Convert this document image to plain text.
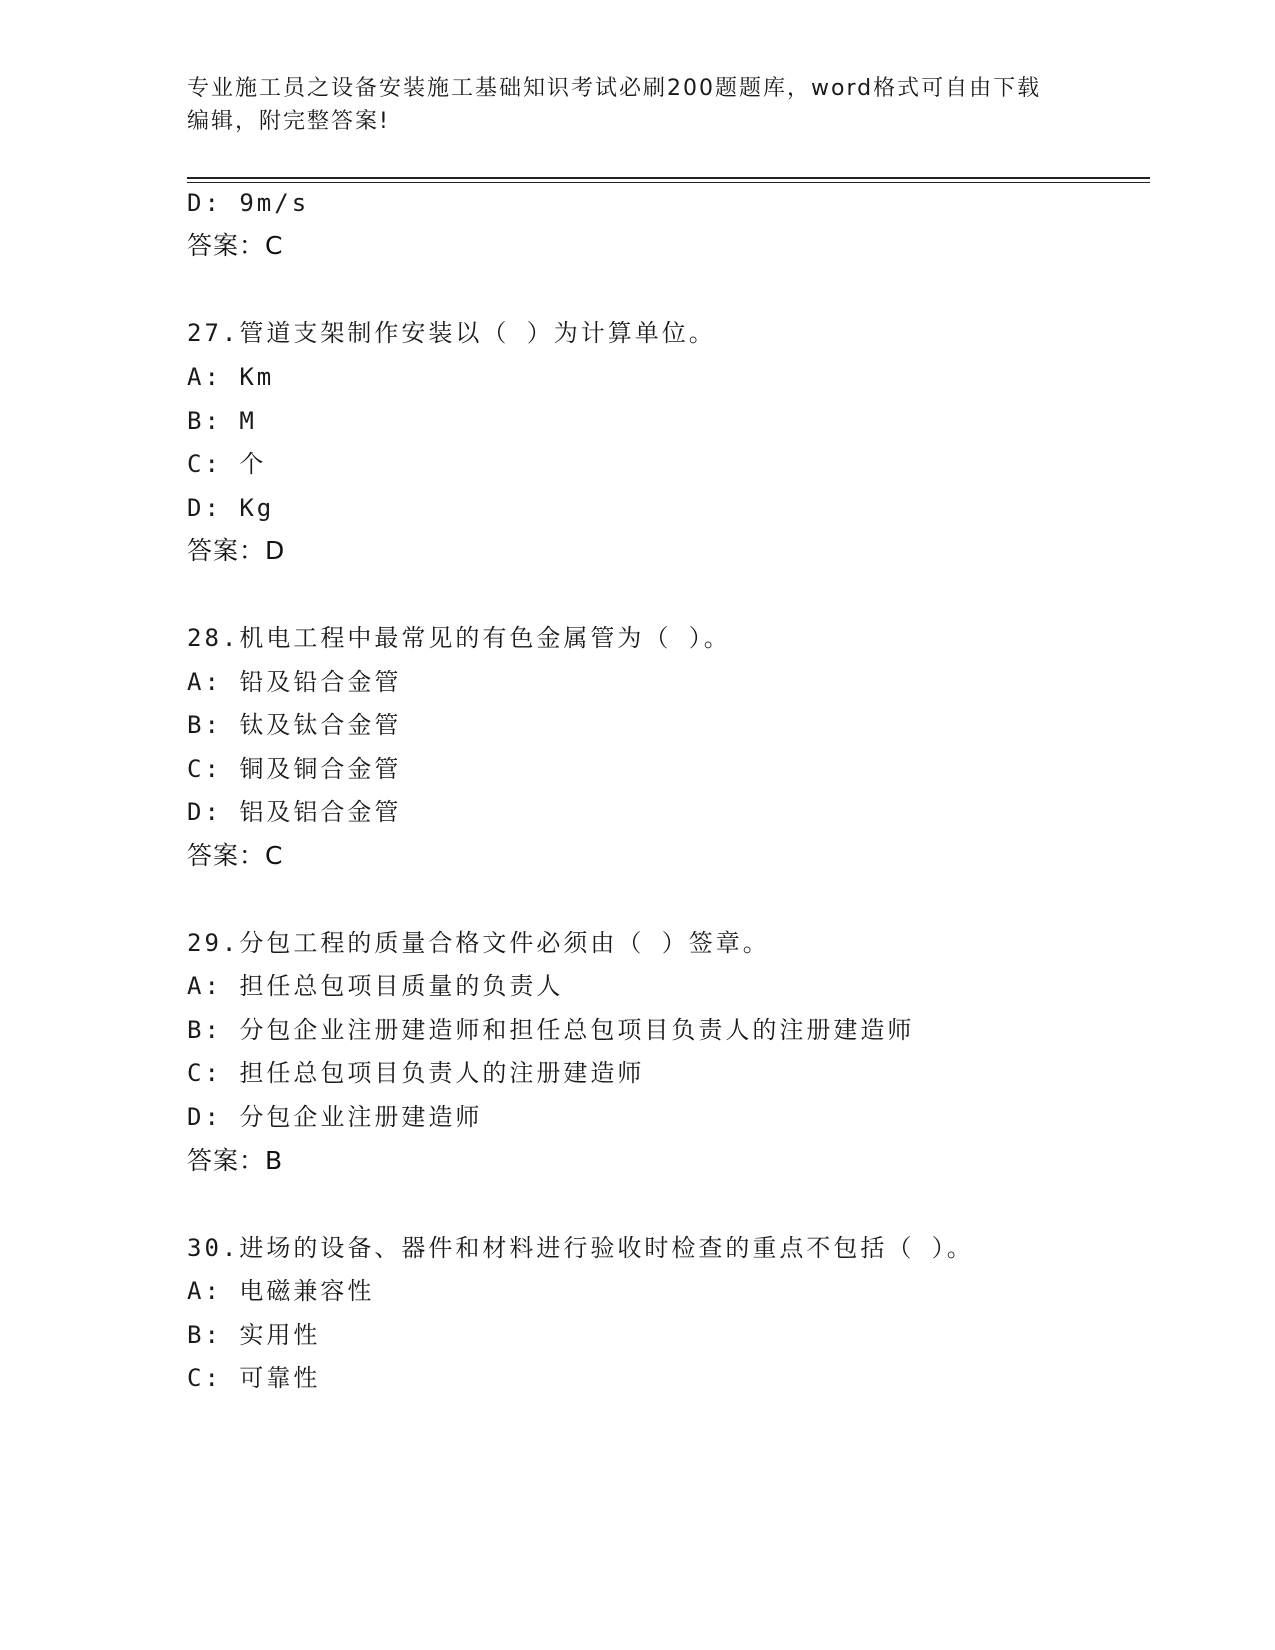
专业施工员之设备安装施工基础知识考试必刷200题题库，word格式可自由下载
编辑，附完整答案!
D: 9m/s
答案：C
27.管道支架制作安装以（ ）为计算单位。
A: Km
B: M
C: 个
D: Kg
答案：D
28.机电工程中最常见的有色金属管为（ ）。
A: 铅及铅合金管
B: 钛及钛合金管
C: 铜及铜合金管
D: 铝及铝合金管
答案：C
29.分包工程的质量合格文件必须由（ ）签章。
A: 担任总包项目质量的负责人
B: 分包企业注册建造师和担任总包项目负责人的注册建造师
C: 担任总包项目负责人的注册建造师
D: 分包企业注册建造师
答案：B
30.进场的设备、器件和材料进行验收时检查的重点不包括（ ）。
A: 电磁兼容性
B: 实用性
C: 可靠性
